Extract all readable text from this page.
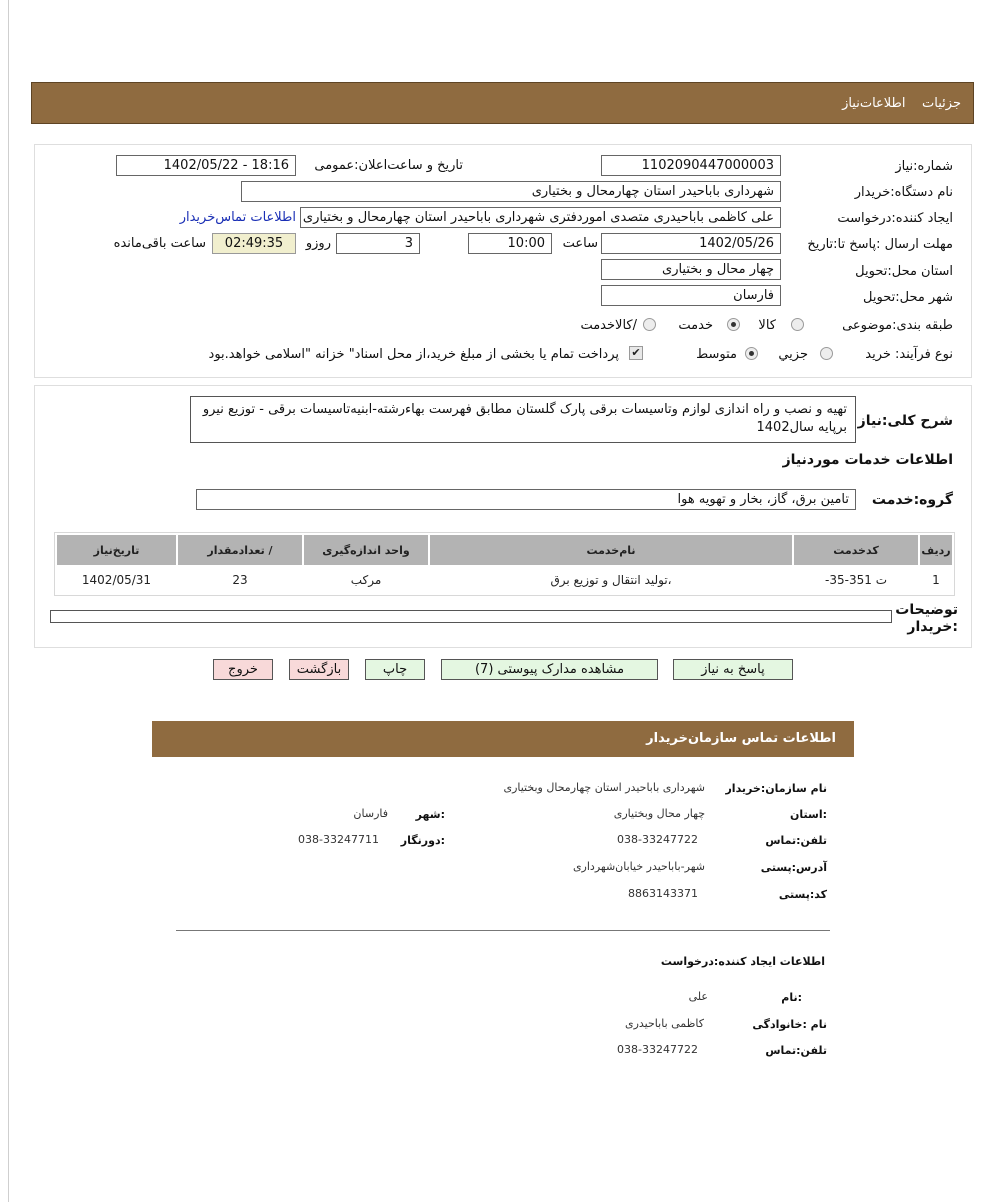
جزئیات    اطلاعات‌نیاز
شماره:نیاز
1102090447000003
تاریخ و ساعت‌اعلان:عمومی
1402/05/22 - 18:16
نام دستگاه:خریدار
شهرداری باباحیدر استان چهارمحال و بختیاری
ایجاد کننده:درخواست
علی کاظمی باباحیدری متصدی اموردفتری شهرداری باباحیدر استان چهارمحال و بختیاری
اطلاعات تماس‌خریدار
مهلت ارسال :پاسخ تا:تاریخ
1402/05/26
ساعت
10:00
3
روزو
02:49:35
ساعت باقی‌مانده
استان محل:تحویل
چهار محال و بختیاری
شهر محل:تحویل
فارسان
طبقه بندی:موضوعی
کالا
خدمت
/کالاخدمت
نوع فرآیند: خرید
جزیي
متوسط
✔
پرداخت تمام یا بخشی از مبلغ خرید،از محل اسناد" خزانه "اسلامی خواهد.بود
شرح کلی:نیاز
تهیه و نصب و راه اندازی لوازم وتاسیسات برقی پارک گلستان مطابق فهرست بهاءرشته-ابنیه‌تاسیسات برقی - توزیع نیرو برپایه سال1402
اطلاعات خدمات موردنیاز
گروه:خدمت
تامین برق، گاز، بخار و تهویه هوا
ردیف	کدخدمت	نام‌خدمت	واحد اندازه‌گیری	/ تعدادمقدار	تاریخ‌نیاز
1	ت 351-35-	،تولید انتقال و توزیع برق	مرکب	23	1402/05/31
توضیحات
:خریدار
پاسخ به نیاز
مشاهده مدارک پیوستی (7)
چاپ
بازگشت
خروج
اطلاعات تماس سازمان‌خریدار
نام سازمان:خریدار
شهرداری باباحیدر استان چهارمحال وبختیاری
:استان
چهار محال وبختیاری
:شهر
فارسان
تلفن:تماس
038-33247722
:دورنگار
038-33247711
آدرس:پستی
شهر-باباحیدر خیابان‌شهرداری
کد:پستی
8863143371
اطلاعات ایجاد کننده:درخواست
:نام
علی
نام :خانوادگی
کاظمی باباحیدری
تلفن:تماس
038-33247722
